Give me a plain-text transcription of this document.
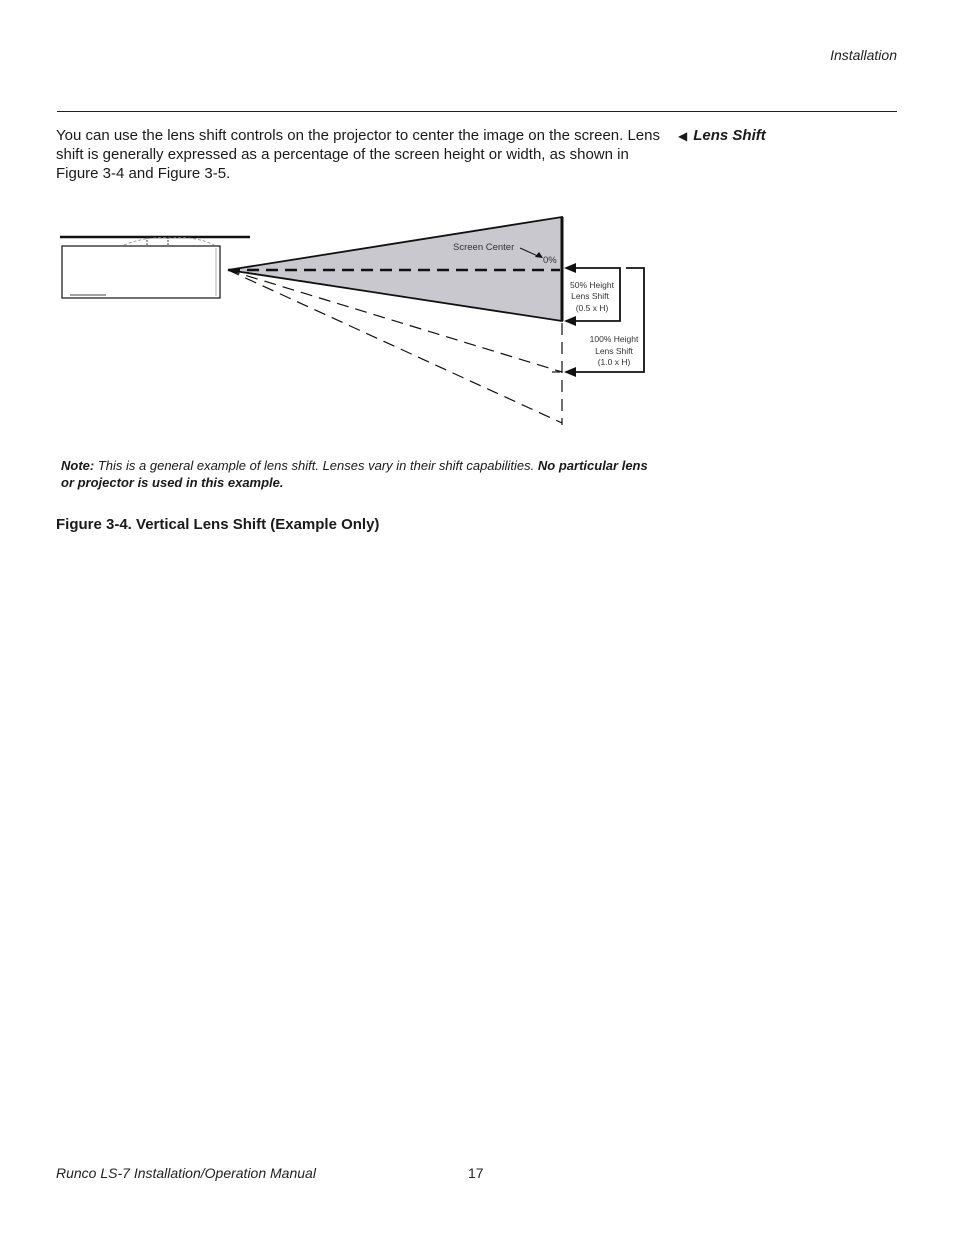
Installation

You can use the lens shift controls on the projector to center the image on the screen. Lens shift is generally expressed as a percentage of the screen height or width, as shown in Figure 3-4 and Figure 3-5.

◀ Lens Shift
Screen Center
0%
50% Height
Lens Shift
(0.5 x H)
100% Height
Lens Shift
(1.0 x H)
Note: This is a general example of lens shift. Lenses vary in their shift capabilities. No particular lens or projector is used in this example.
Figure 3-4. Vertical Lens Shift (Example Only)
Runco LS-7 Installation/Operation Manual	17
